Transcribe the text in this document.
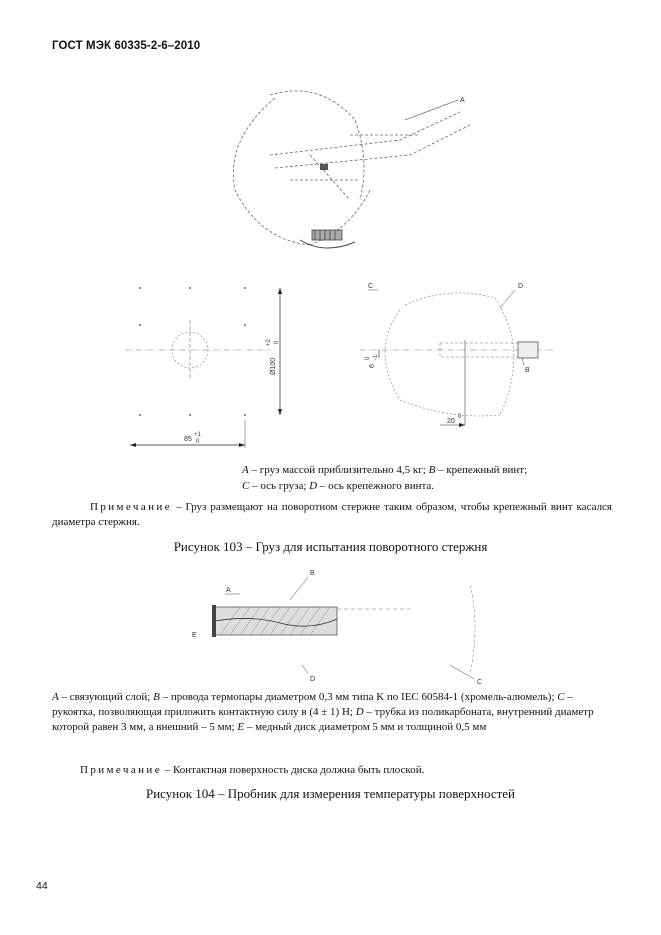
ГОСТ МЭК 60335-2-6–2010
A
Ø100
+2 0
85
+1
0
C	D
6
0 -1
20
0
B
A – груз массой приблизительно 4,5 кг; B – крепежный винт;
C – ось груза; D – ось крепежного винта.
Примечание – Груз размещают на поворотном стержне таким образом, чтобы крепежный винт касался диаметра стержня.
Рисунок 103 – Груз для испытания поворотного стержня
B
A
E
D	C
A – связующий слой; B – провода термопары диаметром 0,3 мм типа K по IEC 60584-1 (хромель-алюмель); C – рукоятка, позволяющая приложить контактную силу в (4 ± 1) Н; D – трубка из поликарбоната, внутренний диаметр которой равен 3 мм, а внешний – 5 мм; E – медный диск диаметром 5 мм и толщиной 0,5 мм
Примечание – Контактная поверхность диска должна быть плоской.
Рисунок 104 – Пробник для измерения температуры поверхностей
44
